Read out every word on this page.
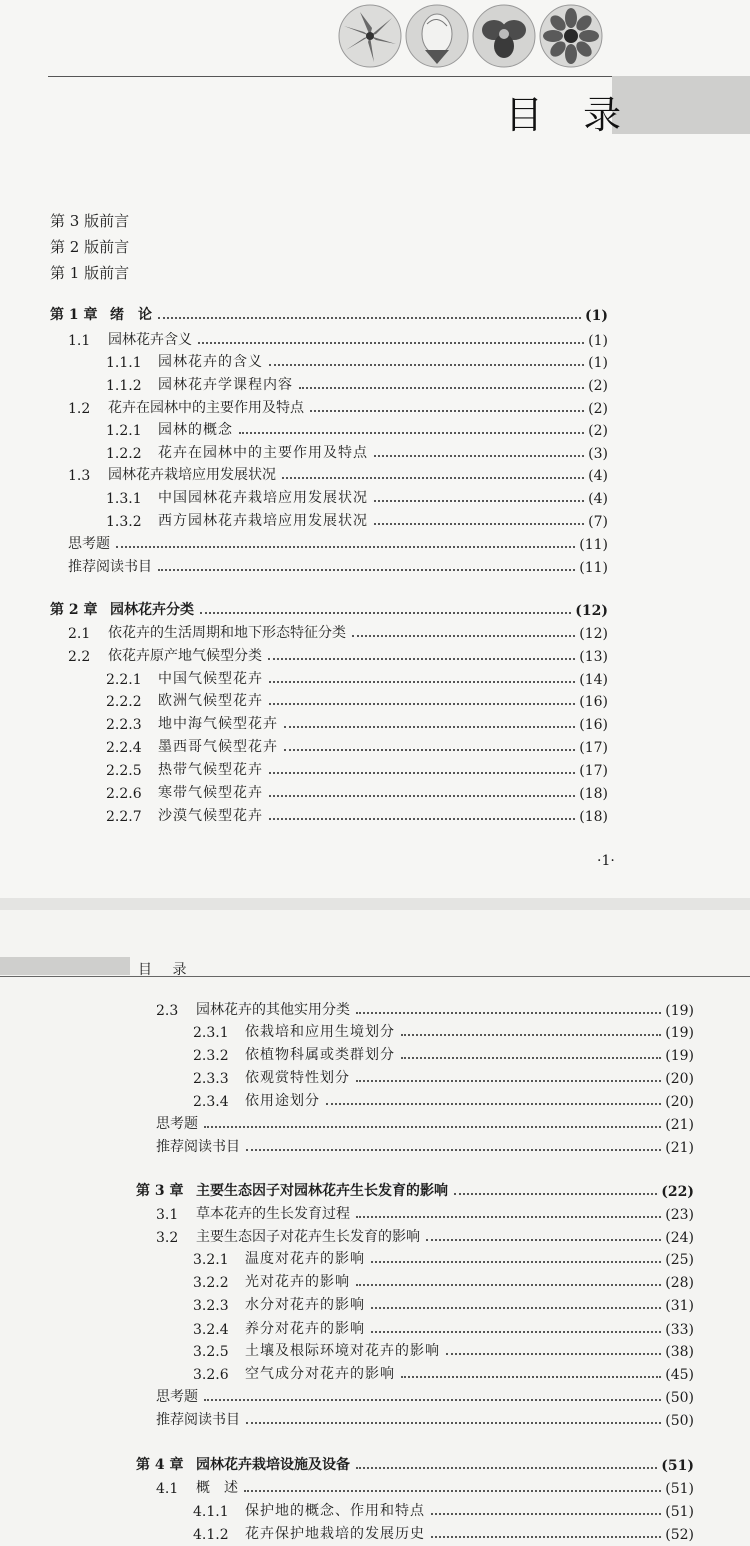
目 录
第 3 版前言
第 2 版前言
第 1 版前言
第 1 章 绪　论	(1)
1.1	园林花卉含义	(1)
1.1.1	园林花卉的含义	(1)
1.1.2	园林花卉学课程内容	(2)
1.2	花卉在园林中的主要作用及特点	(2)
1.2.1	园林的概念	(2)
1.2.2	花卉在园林中的主要作用及特点	(3)
1.3	园林花卉栽培应用发展状况	(4)
1.3.1	中国园林花卉栽培应用发展状况	(4)
1.3.2	西方园林花卉栽培应用发展状况	(7)
思考题	(11)
推荐阅读书目	(11)
第 2 章 园林花卉分类	(12)
2.1	依花卉的生活周期和地下形态特征分类	(12)
2.2	依花卉原产地气候型分类	(13)
2.2.1	中国气候型花卉	(14)
2.2.2	欧洲气候型花卉	(16)
2.2.3	地中海气候型花卉	(16)
2.2.4	墨西哥气候型花卉	(17)
2.2.5	热带气候型花卉	(17)
2.2.6	寒带气候型花卉	(18)
2.2.7	沙漠气候型花卉	(18)
·1·
目 录
2.3	园林花卉的其他实用分类	(19)
2.3.1	依栽培和应用生境划分	(19)
2.3.2	依植物科属或类群划分	(19)
2.3.3	依观赏特性划分	(20)
2.3.4	依用途划分	(20)
思考题	(21)
推荐阅读书目	(21)
第 3 章 主要生态因子对园林花卉生长发育的影响	(22)
3.1	草本花卉的生长发育过程	(23)
3.2	主要生态因子对花卉生长发育的影响	(24)
3.2.1	温度对花卉的影响	(25)
3.2.2	光对花卉的影响	(28)
3.2.3	水分对花卉的影响	(31)
3.2.4	养分对花卉的影响	(33)
3.2.5	土壤及根际环境对花卉的影响	(38)
3.2.6	空气成分对花卉的影响	(45)
思考题	(50)
推荐阅读书目	(50)
第 4 章 园林花卉栽培设施及设备	(51)
4.1	概　述	(51)
4.1.1	保护地的概念、作用和特点	(51)
4.1.2	花卉保护地栽培的发展历史	(52)
